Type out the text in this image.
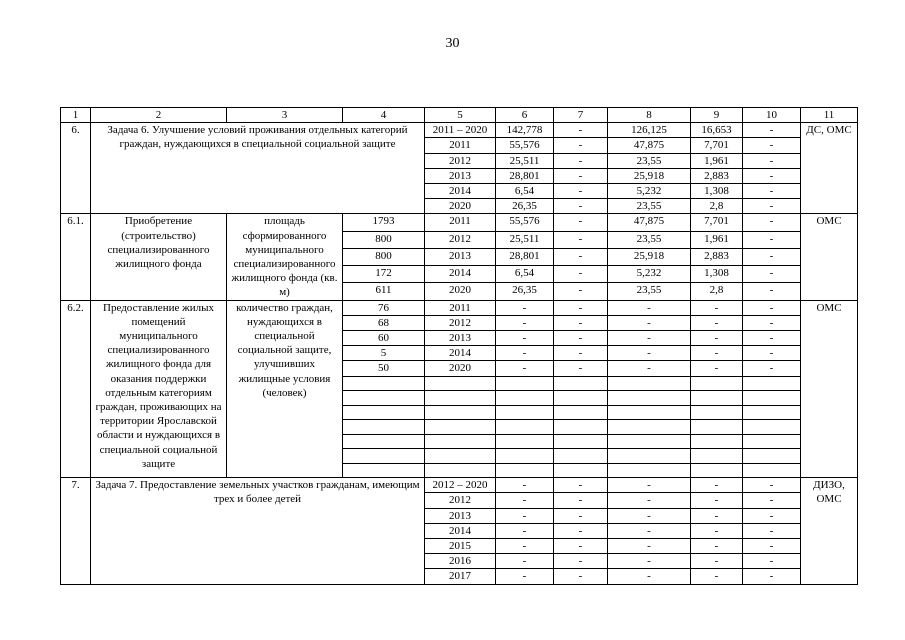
30
1	2	3	4	5	6	7	8	9	10	11
6.	Задача 6. Улучшение условий проживания отдельных категорий граждан, нуждающихся в специальной социальной защите			2011 – 2020	142,778	-	126,125	16,653	-	ДС, ОМС
				2011	55,576	-	47,875	7,701	-	
				2012	25,511	-	23,55	1,961	-	
				2013	28,801	-	25,918	2,883	-	
				2014	6,54	-	5,232	1,308	-	
				2020	26,35	-	23,55	2,8	-	
6.1.	Приобретение (строительство) специализированного жилищного фонда	площадь сформированного муниципального специализированного жилищного фонда (кв. м)	1793	2011	55,576	-	47,875	7,701	-	ОМС
			800	2012	25,511	-	23,55	1,961	-	
			800	2013	28,801	-	25,918	2,883	-	
			172	2014	6,54	-	5,232	1,308	-	
			611	2020	26,35	-	23,55	2,8	-	
6.2.	Предоставление жилых помещений муниципального специализированного жилищного фонда для оказания поддержки отдельным категориям граждан, проживающих на территории Ярославской области и нуждающихся в специальной социальной защите	количество граждан, нуждающихся в специальной социальной защите, улучшивших жилищные условия (человек)	76	2011	-	-	-	-	-	ОМС
			68	2012	-	-	-	-	-	
			60	2013	-	-	-	-	-	
			5	2014	-	-	-	-	-	
			50	2020	-	-	-	-	-	

7.	Задача 7. Предоставление земельных участков гражданам, имеющим трех и более детей			2012 – 2020	-	-	-	-	-	ДИЗО, ОМС
				2012	-	-	-	-	-	
				2013	-	-	-	-	-	
				2014	-	-	-	-	-	
				2015	-	-	-	-	-	
				2016	-	-	-	-	-	
				2017	-	-	-	-	-	
